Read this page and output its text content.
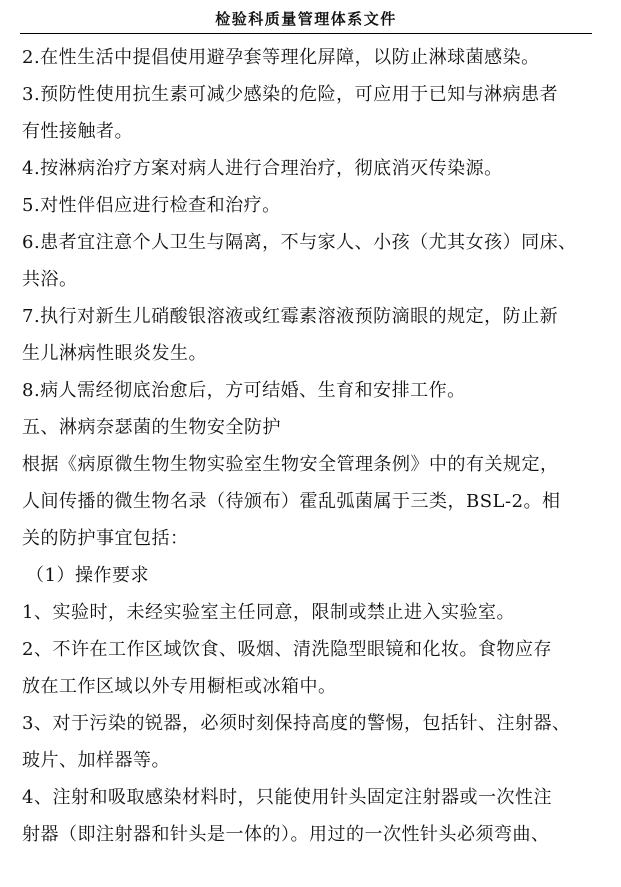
检验科质量管理体系文件
2.在性生活中提倡使用避孕套等理化屏障，以防止淋球菌感染。
3.预防性使用抗生素可减少感染的危险，可应用于已知与淋病患者
有性接触者。
4.按淋病治疗方案对病人进行合理治疗，彻底消灭传染源。
5.对性伴侣应进行检查和治疗。
6.患者宜注意个人卫生与隔离，不与家人、小孩（尤其女孩）同床、
共浴。
7.执行对新生儿硝酸银溶液或红霉素溶液预防滴眼的规定，防止新
生儿淋病性眼炎发生。
8.病人需经彻底治愈后，方可结婚、生育和安排工作。
五、淋病奈瑟菌的生物安全防护
根据《病原微生物生物实验室生物安全管理条例》中的有关规定，
人间传播的微生物名录（待颁布）霍乱弧菌属于三类，BSL-2。相
关的防护事宜包括：
（1）操作要求
1、实验时，未经实验室主任同意，限制或禁止进入实验室。
2、不许在工作区域饮食、吸烟、清洗隐型眼镜和化妆。食物应存
放在工作区域以外专用橱柜或冰箱中。
3、对于污染的锐器，必须时刻保持高度的警惕，包括针、注射器、
玻片、加样器等。
4、注射和吸取感染材料时，只能使用针头固定注射器或一次性注
射器（即注射器和针头是一体的）。用过的一次性针头必须弯曲、
